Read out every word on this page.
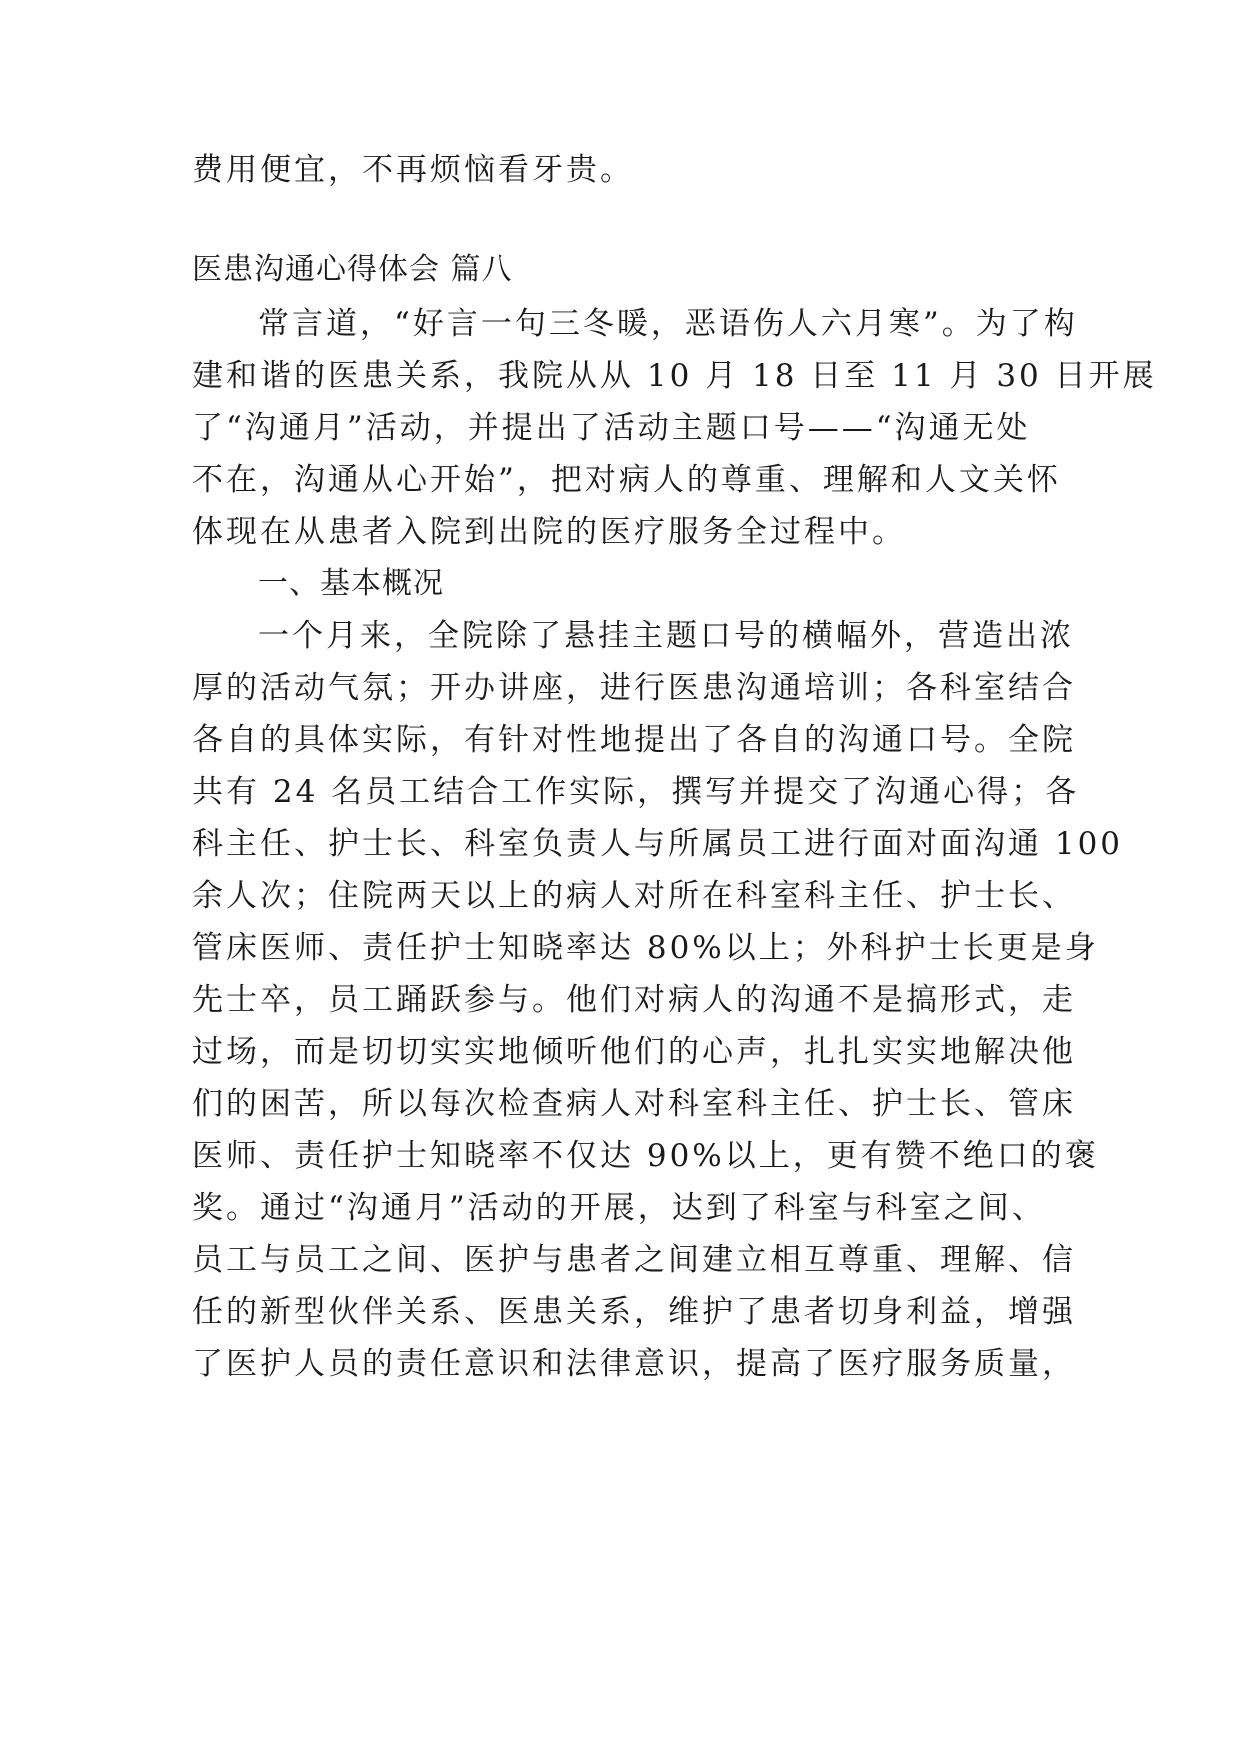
费用便宜，不再烦恼看牙贵。
医患沟通心得体会 篇八
常言道，“好言一句三冬暖，恶语伤人六月寒”。为了构
建和谐的医患关系，我院从从 10 月 18 日至 11 月 30 日开展
了“沟通月”活动，并提出了活动主题口号——“沟通无处
不在，沟通从心开始”，把对病人的尊重、理解和人文关怀
体现在从患者入院到出院的医疗服务全过程中。
一、基本概况
一个月来，全院除了悬挂主题口号的横幅外，营造出浓
厚的活动气氛；开办讲座，进行医患沟通培训；各科室结合
各自的具体实际，有针对性地提出了各自的沟通口号。全院
共有 24 名员工结合工作实际，撰写并提交了沟通心得；各
科主任、护士长、科室负责人与所属员工进行面对面沟通 100
余人次；住院两天以上的病人对所在科室科主任、护士长、
管床医师、责任护士知晓率达 80%以上；外科护士长更是身
先士卒，员工踊跃参与。他们对病人的沟通不是搞形式，走
过场，而是切切实实地倾听他们的心声，扎扎实实地解决他
们的困苦，所以每次检查病人对科室科主任、护士长、管床
医师、责任护士知晓率不仅达 90%以上，更有赞不绝口的褒
奖。通过“沟通月”活动的开展，达到了科室与科室之间、
员工与员工之间、医护与患者之间建立相互尊重、理解、信
任的新型伙伴关系、医患关系，维护了患者切身利益，增强
了医护人员的责任意识和法律意识，提高了医疗服务质量，
